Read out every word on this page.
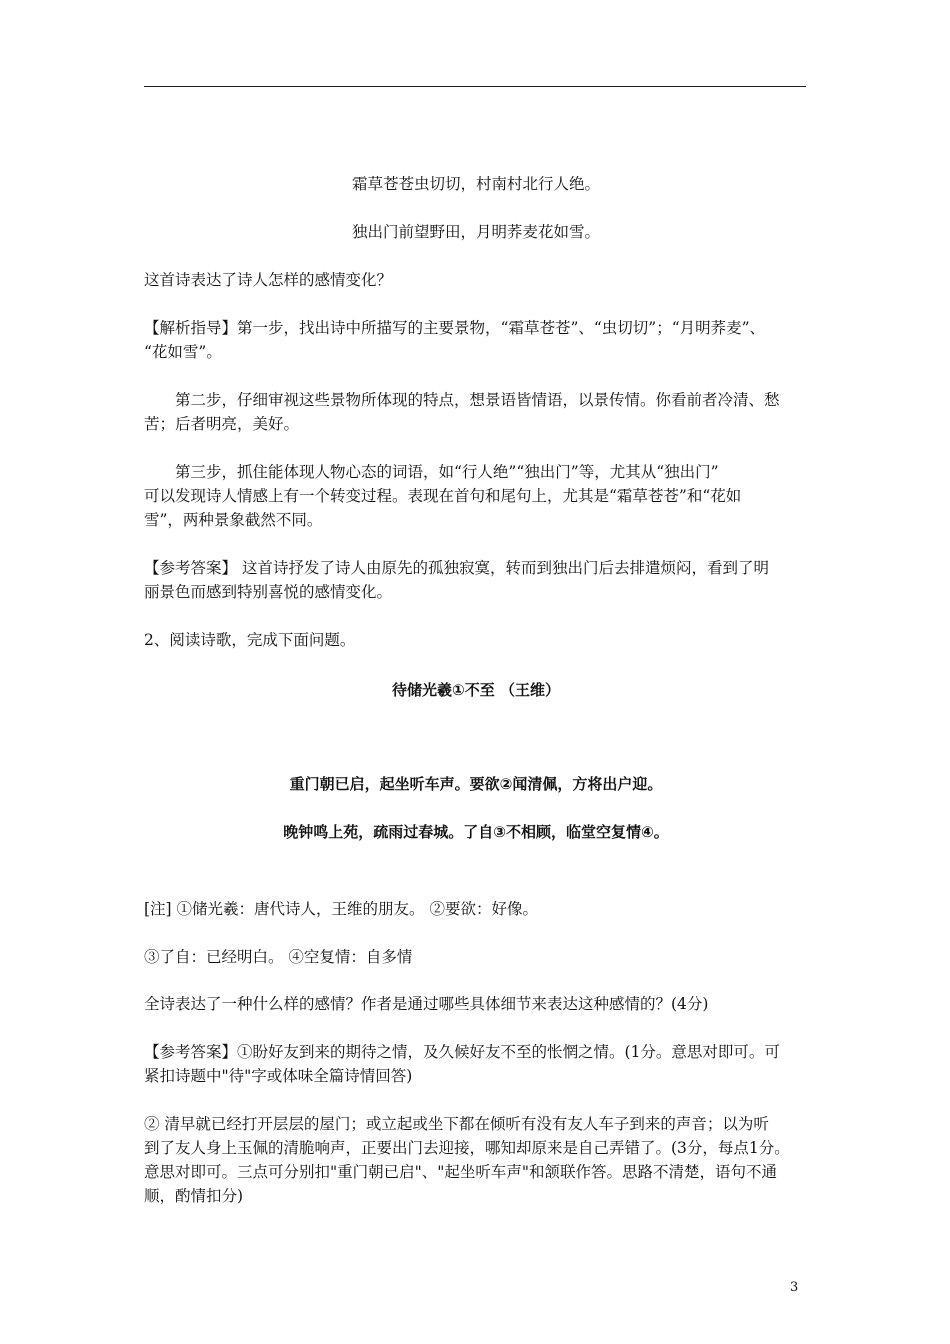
霜草苍苍虫切切，村南村北行人绝。
独出门前望野田，月明荞麦花如雪。
这首诗表达了诗人怎样的感情变化？
【解析指导】第一步，找出诗中所描写的主要景物，“霜草苍苍”、“虫切切”；“月明荞麦”、
“花如雪”。
第二步，仔细审视这些景物所体现的特点，想景语皆情语，以景传情。你看前者冷清、愁
苦；后者明亮，美好。
第三步，抓住能体现人物心态的词语，如“行人绝”“独出门”等，尤其从“独出门”
可以发现诗人情感上有一个转变过程。表现在首句和尾句上，尤其是“霜草苍苍”和“花如
雪”，两种景象截然不同。
【参考答案】 这首诗抒发了诗人由原先的孤独寂寞，转而到独出门后去排遣烦闷，看到了明
丽景色而感到特别喜悦的感情变化。
2、阅读诗歌，完成下面问题。
待储光羲①不至 （王维）
重门朝已启，起坐听车声。要欲②闻清佩，方将出户迎。
晚钟鸣上苑，疏雨过春城。了自③不相顾，临堂空复情④。
[注] ①储光羲：唐代诗人，王维的朋友。 ②要欲：好像。
③了自：已经明白。 ④空复情：自多情
全诗表达了一种什么样的感情？作者是通过哪些具体细节来表达这种感情的？(4分)
【参考答案】①盼好友到来的期待之情，及久候好友不至的怅惘之情。(1分。意思对即可。可
紧扣诗题中"待"字或体味全篇诗情回答)
② 清早就已经打开层层的屋门；或立起或坐下都在倾听有没有友人车子到来的声音；以为听
到了友人身上玉佩的清脆响声，正要出门去迎接，哪知却原来是自己弄错了。(3分，每点1分。
意思对即可。三点可分别扣"重门朝已启"、"起坐听车声"和颔联作答。思路不清楚，语句不通
顺，酌情扣分)
3
